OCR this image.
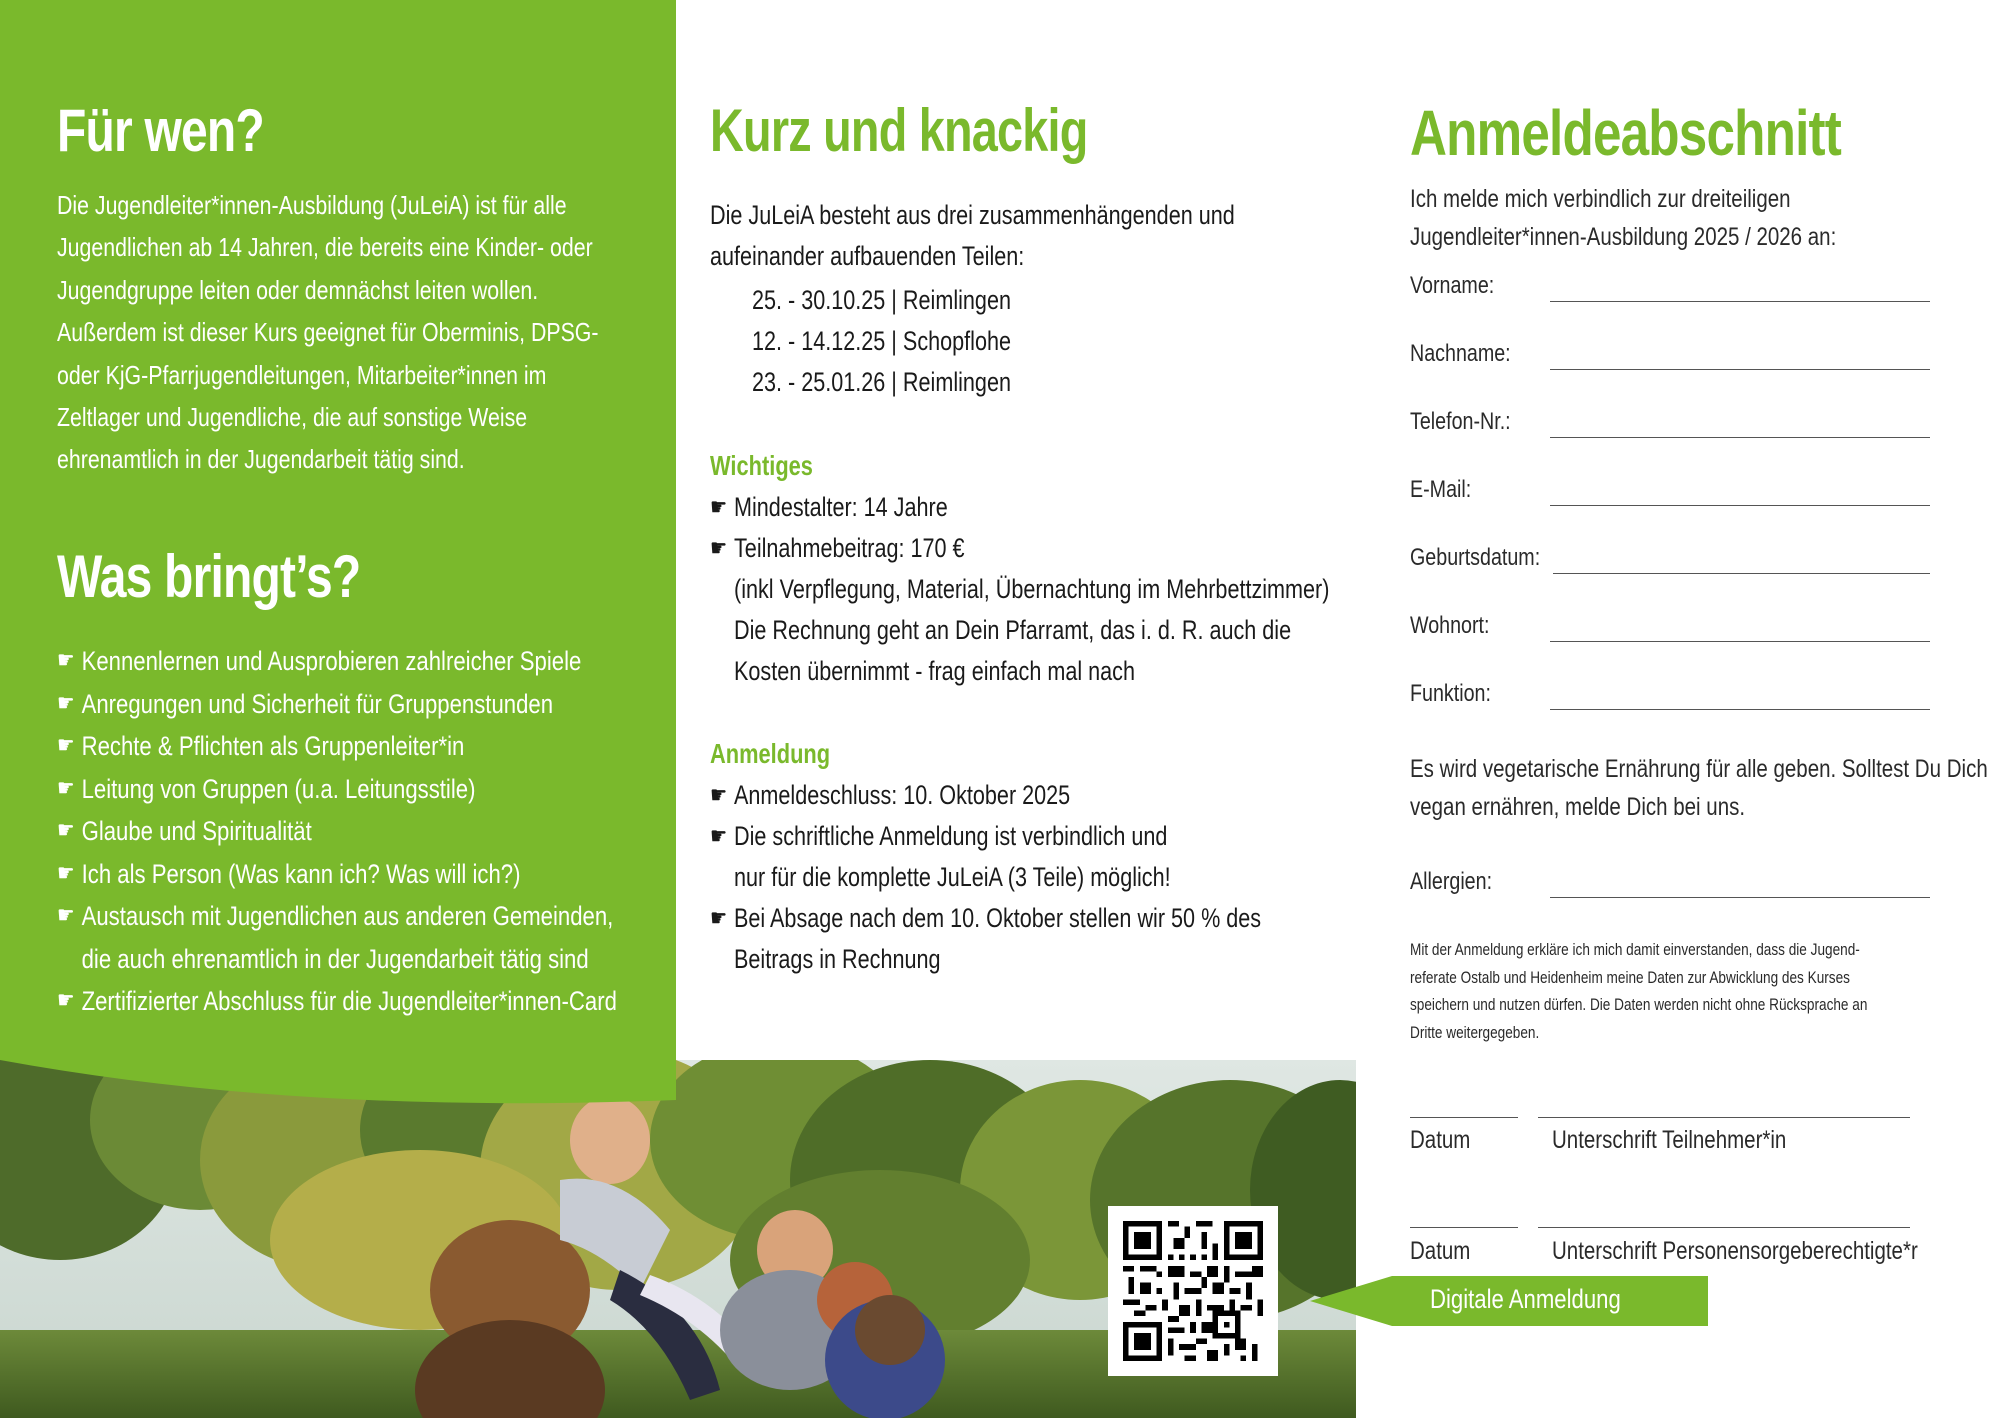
Für wen?
Die Jugendleiter*innen-Ausbildung (JuLeiA) ist für alle
Jugendlichen ab 14 Jahren, die bereits eine Kinder- oder
Jugendgruppe leiten oder demnächst leiten wollen.
Außerdem ist dieser Kurs geeignet für Oberminis, DPSG-
oder KjG-Pfarrjugendleitungen, Mitarbeiter*innen im
Zeltlager und Jugendliche, die auf sonstige Weise
ehrenamtlich in der Jugendarbeit tätig sind.
Was bringt’s?
☛ Kennenlernen und Ausprobieren zahlreicher Spiele
☛ Anregungen und Sicherheit für Gruppenstunden
☛ Rechte & Pflichten als Gruppenleiter*in
☛ Leitung von Gruppen (u.a. Leitungsstile)
☛ Glaube und Spiritualität
☛ Ich als Person (Was kann ich? Was will ich?)
☛ Austausch mit Jugendlichen aus anderen Gemeinden,
die auch ehrenamtlich in der Jugendarbeit tätig sind
☛ Zertifizierter Abschluss für die Jugendleiter*innen-Card
Kurz und knackig
Die JuLeiA besteht aus drei zusammenhängenden und
aufeinander aufbauenden Teilen:
25. - 30.10.25 | Reimlingen
12. - 14.12.25 | Schopflohe
23. - 25.01.26 | Reimlingen
Wichtiges
☛ Mindestalter: 14 Jahre
☛ Teilnahmebeitrag: 170 €
(inkl Verpflegung, Material, Übernachtung im Mehrbettzimmer)
Die Rechnung geht an Dein Pfarramt, das i. d. R. auch die
Kosten übernimmt - frag einfach mal nach
Anmeldung
☛ Anmeldeschluss: 10. Oktober 2025
☛ Die schriftliche Anmeldung ist verbindlich und
nur für die komplette JuLeiA (3 Teile) möglich!
☛ Bei Absage nach dem 10. Oktober stellen wir 50 % des
Beitrags in Rechnung
Anmeldeabschnitt
Ich melde mich verbindlich zur dreiteiligen
Jugendleiter*innen-Ausbildung 2025 / 2026 an:
Vorname:
Nachname:
Telefon-Nr.:
E-Mail:
Geburtsdatum:
Wohnort:
Funktion:
Es wird vegetarische Ernährung für alle geben. Solltest Du Dich
vegan ernähren, melde Dich bei uns.
Allergien:
Mit der Anmeldung erkläre ich mich damit einverstanden, dass die Jugend-
referate Ostalb und Heidenheim meine Daten zur Abwicklung des Kurses
speichern und nutzen dürfen. Die Daten werden nicht ohne Rücksprache an
Dritte weitergegeben.
Datum	Unterschrift Teilnehmer*in
Datum	Unterschrift Personensorgeberechtigte*r
Digitale Anmeldung
